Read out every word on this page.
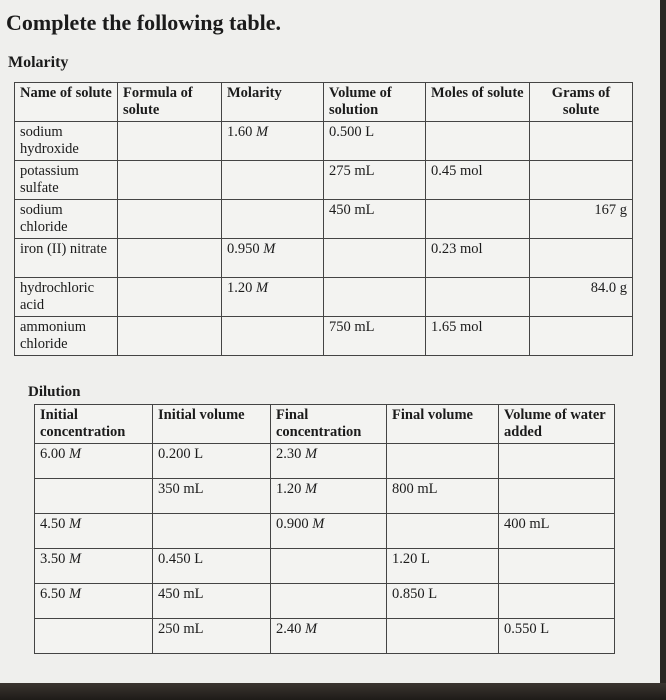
Complete the following table.
Molarity
Name of solute	Formula of solute	Molarity	Volume of solution	Moles of solute	Grams of solute
sodium hydroxide		1.60 M	0.500 L		
potassium sulfate			275 mL	0.45 mol	
sodium chloride			450 mL		167 g
iron (II) nitrate		0.950 M		0.23 mol	
hydrochloric acid		1.20 M			84.0 g
ammonium chloride			750 mL	1.65 mol	
Dilution
Initial concentration	Initial volume	Final concentration	Final volume	Volume of water added
6.00 M	0.200 L	2.30 M		
	350 mL	1.20 M	800 mL	
4.50 M		0.900 M		400 mL
3.50 M	0.450 L		1.20 L	
6.50 M	450 mL		0.850 L	
	250 mL	2.40 M		0.550 L
